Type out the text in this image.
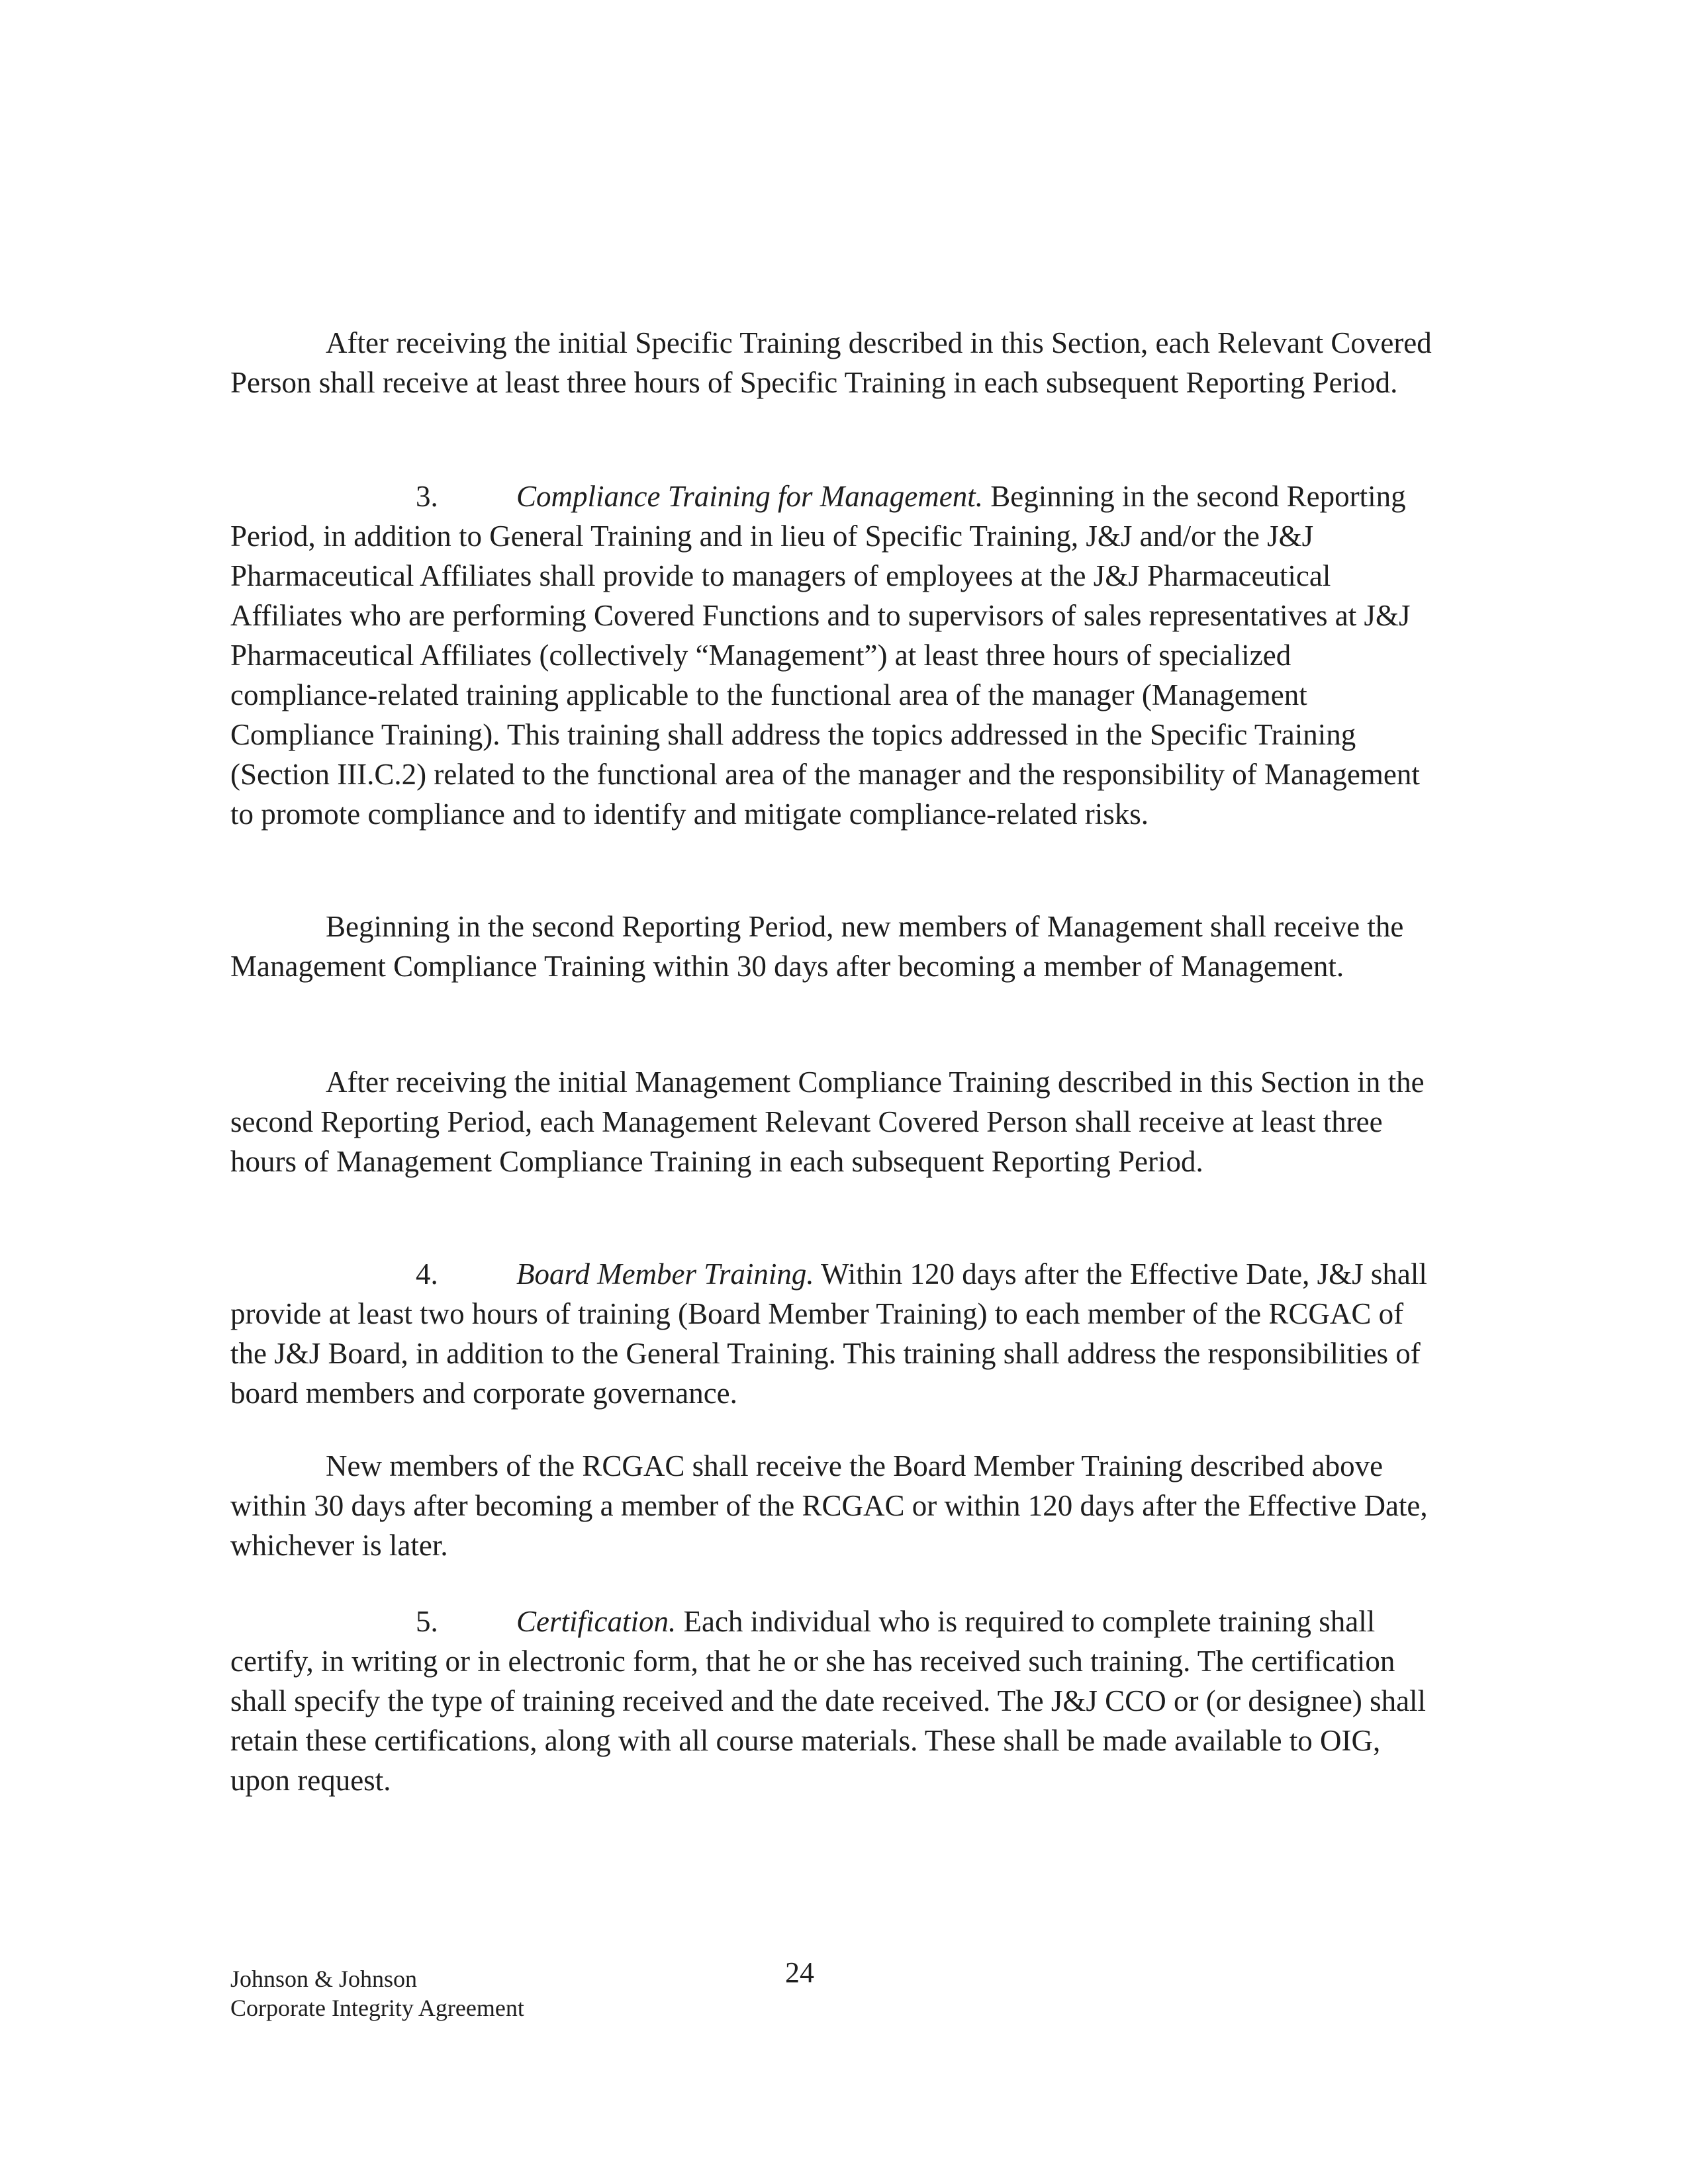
After receiving the initial Specific Training described in this Section, each Relevant Covered Person shall receive at least three hours of Specific Training in each subsequent Reporting Period.

3.	Compliance Training for Management. Beginning in the second Reporting Period, in addition to General Training and in lieu of Specific Training, J&J and/or the J&J Pharmaceutical Affiliates shall provide to managers of employees at the J&J Pharmaceutical Affiliates who are performing Covered Functions and to supervisors of sales representatives at J&J Pharmaceutical Affiliates (collectively “Management”) at least three hours of specialized compliance-related training applicable to the functional area of the manager (Management Compliance Training). This training shall address the topics addressed in the Specific Training (Section III.C.2) related to the functional area of the manager and the responsibility of Management to promote compliance and to identify and mitigate compliance-related risks.

Beginning in the second Reporting Period, new members of Management shall receive the Management Compliance Training within 30 days after becoming a member of Management.

After receiving the initial Management Compliance Training described in this Section in the second Reporting Period, each Management Relevant Covered Person shall receive at least three hours of Management Compliance Training in each subsequent Reporting Period.

4.	Board Member Training. Within 120 days after the Effective Date, J&J shall provide at least two hours of training (Board Member Training) to each member of the RCGAC of the J&J Board, in addition to the General Training. This training shall address the responsibilities of board members and corporate governance.

New members of the RCGAC shall receive the Board Member Training described above within 30 days after becoming a member of the RCGAC or within 120 days after the Effective Date, whichever is later.

5.	Certification. Each individual who is required to complete training shall certify, in writing or in electronic form, that he or she has received such training. The certification shall specify the type of training received and the date received. The J&J CCO or (or designee) shall retain these certifications, along with all course materials. These shall be made available to OIG, upon request.

Johnson & Johnson
Corporate Integrity Agreement
24
